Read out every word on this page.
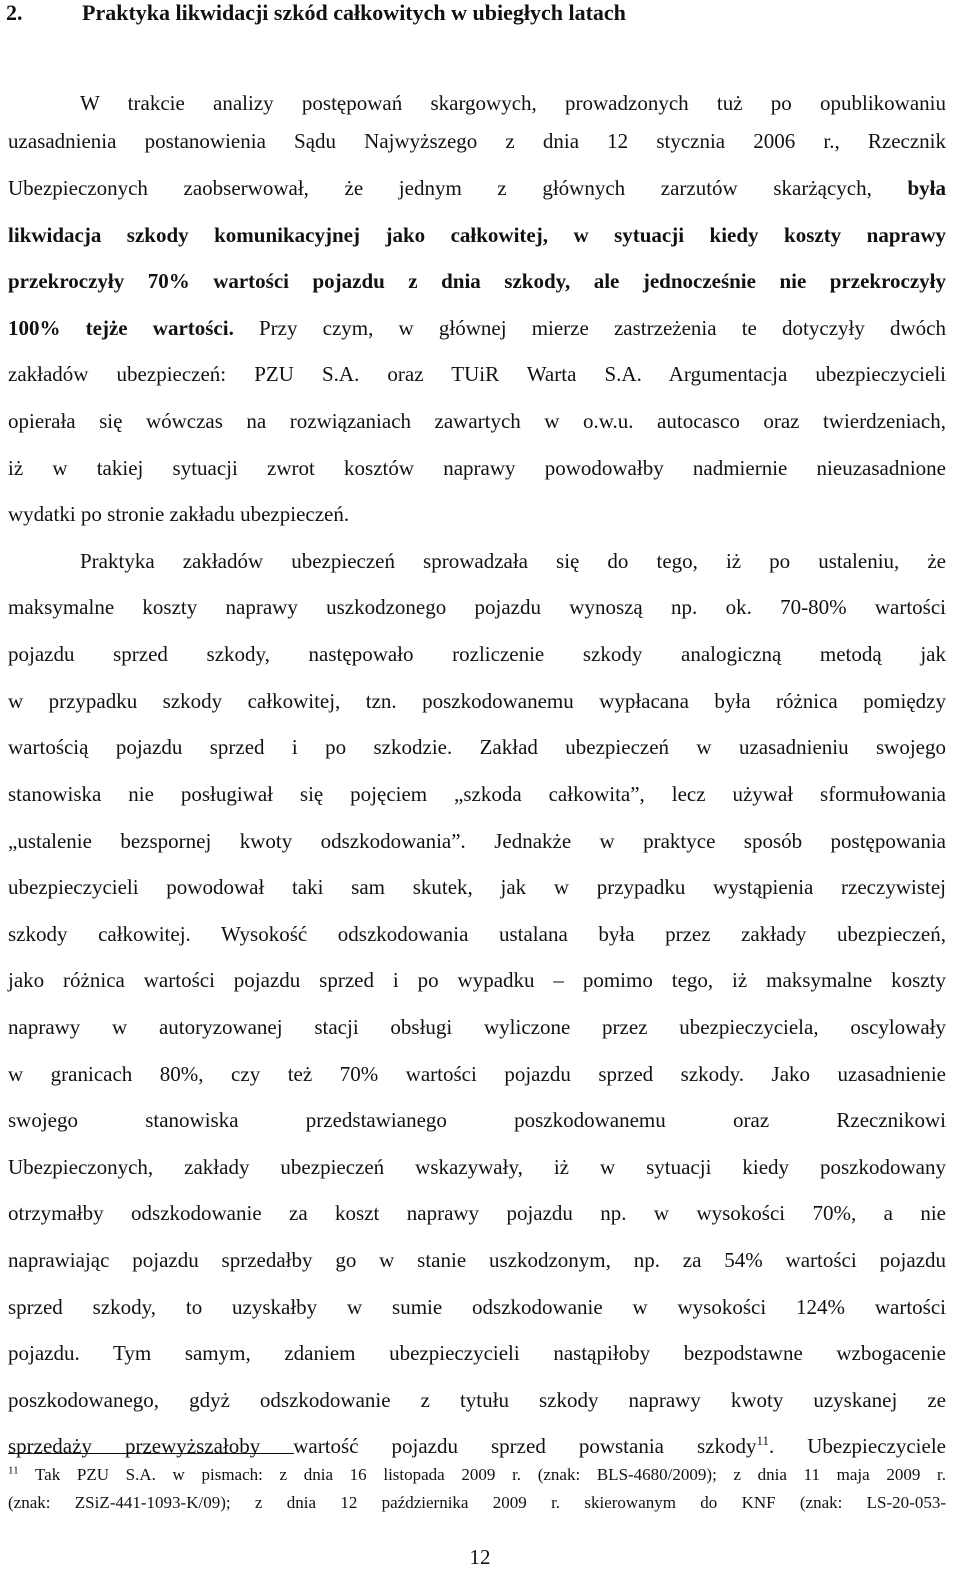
2.	Praktyka likwidacji szkód całkowitych w ubiegłych latach
W trakcie analizy postępowań skargowych, prowadzonych tuż po opublikowaniu
uzasadnienia postanowienia Sądu Najwyższego z dnia 12 stycznia 2006 r., Rzecznik
Ubezpieczonych zaobserwował, że jednym z głównych zarzutów skarżących, była
likwidacja szkody komunikacyjnej jako całkowitej, w sytuacji kiedy koszty naprawy
przekroczyły 70% wartości pojazdu z dnia szkody, ale jednocześnie nie przekroczyły
100% tejże wartości. Przy czym, w głównej mierze zastrzeżenia te dotyczyły dwóch
zakładów ubezpieczeń: PZU S.A. oraz TUiR Warta S.A. Argumentacja ubezpieczycieli
opierała się wówczas na rozwiązaniach zawartych w o.w.u. autocasco oraz twierdzeniach,
iż w takiej sytuacji zwrot kosztów naprawy powodowałby nadmiernie nieuzasadnione
wydatki po stronie zakładu ubezpieczeń.
Praktyka zakładów ubezpieczeń sprowadzała się do tego, iż po ustaleniu, że
maksymalne koszty naprawy uszkodzonego pojazdu wynoszą np. ok. 70-80% wartości
pojazdu sprzed szkody, następowało rozliczenie szkody analogiczną metodą jak
w przypadku szkody całkowitej, tzn. poszkodowanemu wypłacana była różnica pomiędzy
wartością pojazdu sprzed i po szkodzie. Zakład ubezpieczeń w uzasadnieniu swojego
stanowiska nie posługiwał się pojęciem „szkoda całkowita”, lecz używał sformułowania
„ustalenie bezspornej kwoty odszkodowania”. Jednakże w praktyce sposób postępowania
ubezpieczycieli powodował taki sam skutek, jak w przypadku wystąpienia rzeczywistej
szkody całkowitej. Wysokość odszkodowania ustalana była przez zakłady ubezpieczeń,
jako różnica wartości pojazdu sprzed i po wypadku – pomimo tego, iż maksymalne koszty
naprawy w autoryzowanej stacji obsługi wyliczone przez ubezpieczyciela, oscylowały
w granicach 80%, czy też 70% wartości pojazdu sprzed szkody. Jako uzasadnienie
swojego stanowiska przedstawianego poszkodowanemu oraz Rzecznikowi
Ubezpieczonych, zakłady ubezpieczeń wskazywały, iż w sytuacji kiedy poszkodowany
otrzymałby odszkodowanie za koszt naprawy pojazdu np. w wysokości 70%, a nie
naprawiając pojazdu sprzedałby go w stanie uszkodzonym, np. za 54% wartości pojazdu
sprzed szkody, to uzyskałby w sumie odszkodowanie w wysokości 124% wartości
pojazdu. Tym samym, zdaniem ubezpieczycieli nastąpiłoby bezpodstawne wzbogacenie
poszkodowanego, gdyż odszkodowanie z tytułu szkody naprawy kwoty uzyskanej ze
sprzedaży przewyższałoby wartość pojazdu sprzed powstania szkody$^{11}$. Ubezpieczyciele
$^{11}$ Tak PZU S.A. w pismach: z dnia 16 listopada 2009 r. (znak: BLS-4680/2009); z dnia 11 maja 2009 r.
(znak: ZSiZ-441-1093-K/09); z dnia 12 października 2009 r. skierowanym do KNF (znak: LS-20-053-
12
